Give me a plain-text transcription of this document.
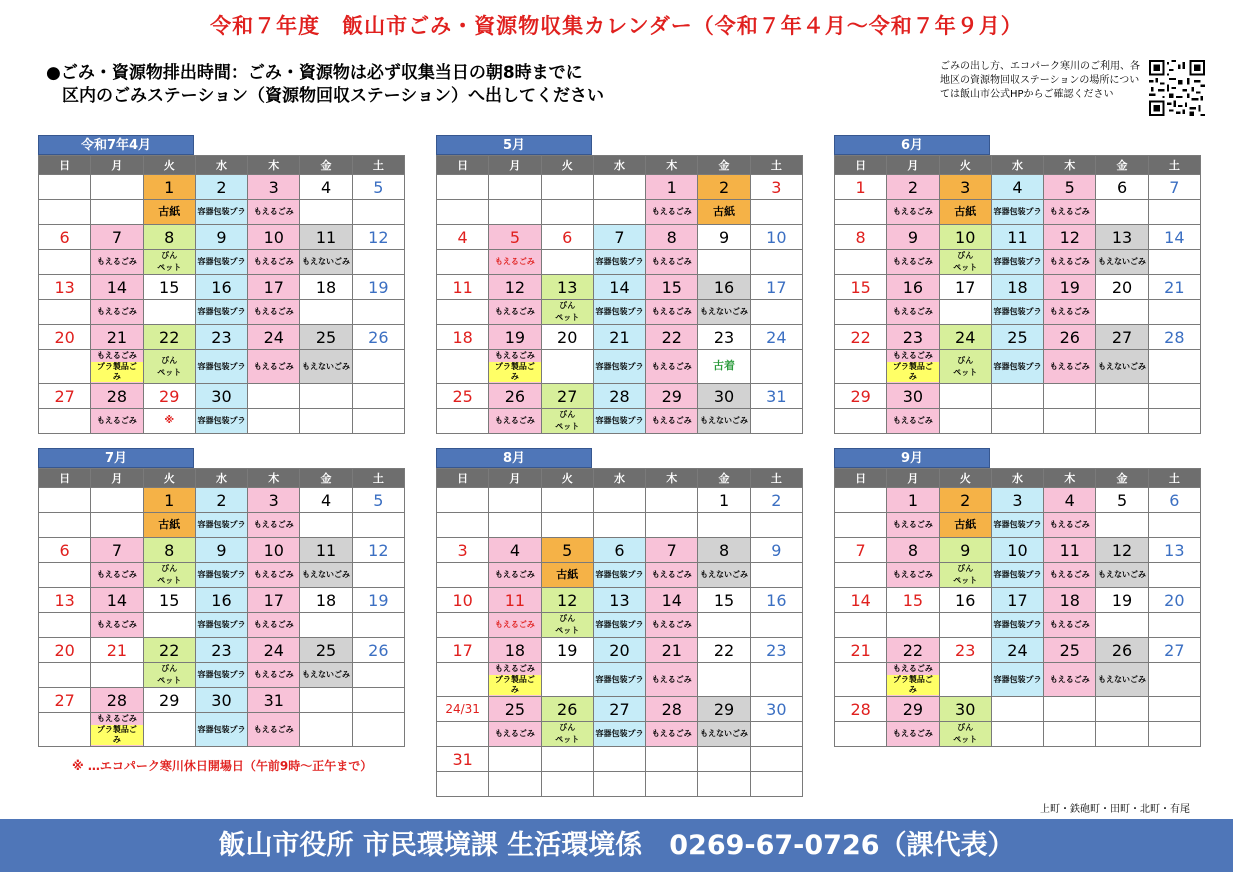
令和７年度　飯山市ごみ・資源物収集カレンダー（令和７年４月～令和７年９月）
●ごみ・資源物排出時間：ごみ・資源物は必ず収集当日の朝8時までに
区内のごみステーション（資源物回収ステーション）へ出してください
ごみの出し方、エコパーク寒川のご利用、各地区の資源物回収ステーションの場所については飯山市公式HPからご確認ください
令和7年4月
日	月	火	水	木	金	土
		1	2	3	4	5
		古紙	容器包装プラ	もえるごみ		
6	7	8	9	10	11	12
	もえるごみ	びん
ペット	容器包装プラ	もえるごみ	もえないごみ	
13	14	15	16	17	18	19
	もえるごみ		容器包装プラ	もえるごみ		
20	21	22	23	24	25	26
	もえるごみ
プラ製品ごみ	びん
ペット	容器包装プラ	もえるごみ	もえないごみ	
27	28	29	30			
	もえるごみ	※	容器包装プラ			
5月
日	月	火	水	木	金	土
				1	2	3
				もえるごみ	古紙	
4	5	6	7	8	9	10
	もえるごみ		容器包装プラ	もえるごみ		
11	12	13	14	15	16	17
	もえるごみ	びん
ペット	容器包装プラ	もえるごみ	もえないごみ	
18	19	20	21	22	23	24
	もえるごみ
プラ製品ごみ		容器包装プラ	もえるごみ	古着	
25	26	27	28	29	30	31
	もえるごみ	びん
ペット	容器包装プラ	もえるごみ	もえないごみ	
6月
日	月	火	水	木	金	土
1	2	3	4	5	6	7
	もえるごみ	古紙	容器包装プラ	もえるごみ		
8	9	10	11	12	13	14
	もえるごみ	びん
ペット	容器包装プラ	もえるごみ	もえないごみ	
15	16	17	18	19	20	21
	もえるごみ		容器包装プラ	もえるごみ		
22	23	24	25	26	27	28
	もえるごみ
プラ製品ごみ	びん
ペット	容器包装プラ	もえるごみ	もえないごみ	
29	30					
	もえるごみ					
7月
日	月	火	水	木	金	土
		1	2	3	4	5
		古紙	容器包装プラ	もえるごみ		
6	7	8	9	10	11	12
	もえるごみ	びん
ペット	容器包装プラ	もえるごみ	もえないごみ	
13	14	15	16	17	18	19
	もえるごみ		容器包装プラ	もえるごみ		
20	21	22	23	24	25	26
		びん
ペット	容器包装プラ	もえるごみ	もえないごみ	
27	28	29	30	31		
	もえるごみ
プラ製品ごみ		容器包装プラ	もえるごみ		
8月
日	月	火	水	木	金	土
					1	2

3	4	5	6	7	8	9
	もえるごみ	古紙	容器包装プラ	もえるごみ	もえないごみ	
10	11	12	13	14	15	16
	もえるごみ	びん
ペット	容器包装プラ	もえるごみ		
17	18	19	20	21	22	23
	もえるごみ
プラ製品ごみ		容器包装プラ	もえるごみ		
24/31	25	26	27	28	29	30
	もえるごみ	びん
ペット	容器包装プラ	もえるごみ	もえないごみ	
31						

9月
日	月	火	水	木	金	土
	1	2	3	4	5	6
	もえるごみ	古紙	容器包装プラ	もえるごみ		
7	8	9	10	11	12	13
	もえるごみ	びん
ペット	容器包装プラ	もえるごみ	もえないごみ	
14	15	16	17	18	19	20
			容器包装プラ	もえるごみ		
21	22	23	24	25	26	27
	もえるごみ
プラ製品ごみ		容器包装プラ	もえるごみ	もえないごみ	
28	29	30				
	もえるごみ	びん
ペット				
※ …エコパーク寒川休日開場日（午前9時～正午まで）
上町・鉄砲町・田町・北町・有尾
飯山市役所 市民環境課 生活環境係　0269-67-0726（課代表）
